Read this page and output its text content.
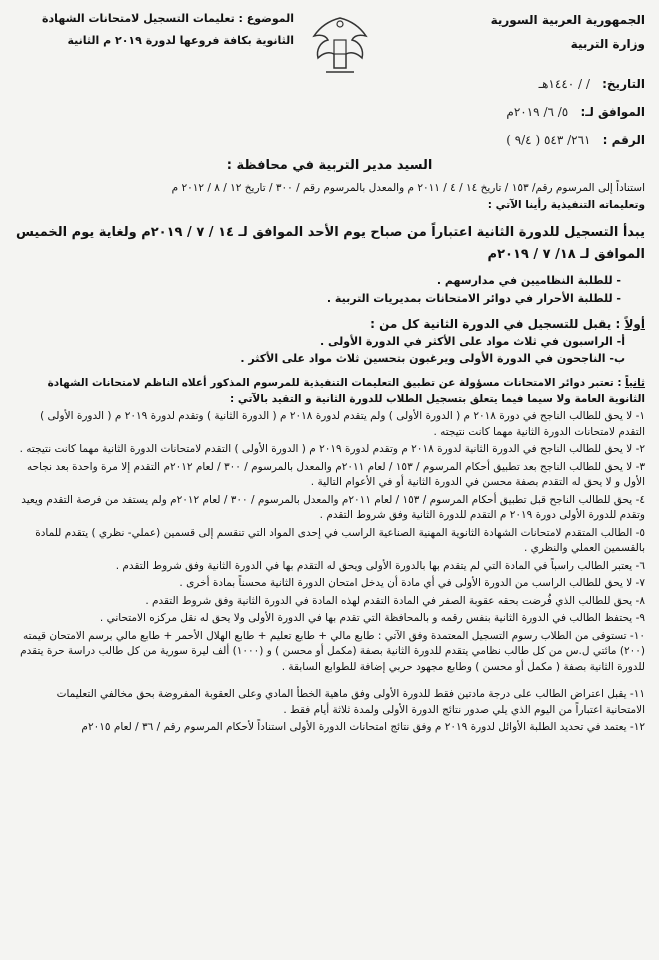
الجمهورية العربية السورية
وزارة التربية
الموضوع : تعليمات التسجيل لامتحانات الشهادة
الثانوية بكافة فروعها لدورة ٢٠١٩ م الثانية
التاريخ: / / ١٤٤٠هـ
الموافق لـ: ٥/ ٦/ ٢٠١٩م
الرقم : ٢٦١/ ٥٤٣ ( ٩/٤ )
السيد مدير التربية في محافظة :
استناداً إلى المرسوم رقم/ ١٥٣ / تاريخ ١٤ / ٤ / ٢٠١١ م والمعدل بالمرسوم رقم / ٣٠٠ / تاريخ ١٢ / ٨ / ٢٠١٢ م
وتعليماته التنفيذية رأينا الآتي :
يبدأ التسجيل للدورة الثانية اعتباراً من صباح يوم الأحد الموافق لـ ١٤ / ٧ / ٢٠١٩م ولغاية يوم الخميس الموافق لـ ١٨/ ٧ / ٢٠١٩م
- للطلبة النظاميين في مدارسهم .
- للطلبة الأحرار في دوائر الامتحانات بمديريات التربية .
أولاً : يقبل للتسجيل في الدورة الثانية كل من :
أ- الراسبون في ثلاث مواد على الأكثر في الدورة الأولى .
ب- الناجحون في الدورة الأولى ويرغبون بتحسين ثلاث مواد على الأكثر .
ثانياً : تعتبر دوائر الامتحانات مسؤولة عن تطبيق التعليمات التنفيذية للمرسوم المذكور أعلاه الناظم لامتحانات الشهادة الثانوية العامة ولا سيما فيما يتعلق بتسجيل الطلاب للدورة الثانية و التقيد بالآتي :
١- لا يحق للطالب الناجح في دورة ٢٠١٨ م ( الدورة الأولى ) ولم يتقدم لدورة ٢٠١٨ م ( الدورة الثانية ) وتقدم لدورة ٢٠١٩ م ( الدورة الأولى ) التقدم لامتحانات الدورة الثانية مهما كانت نتيجته .
٢- لا يحق للطالب الناجح في الدورة الثانية لدورة ٢٠١٨ م وتقدم لدورة ٢٠١٩ م ( الدورة الأولى ) التقدم لامتحانات الدورة الثانية مهما كانت نتيجته .
٣- لا يحق للطالب الناجح بعد تطبيق أحكام المرسوم / ١٥٣ / لعام ٢٠١١م والمعدل بالمرسوم / ٣٠٠ / لعام ٢٠١٢م التقدم إلا مرة واحدة بعد نجاحه الأول و لا يحق له التقدم بصفة محسن في الدورة الثانية أو في الأعوام التالية .
٤- يحق للطالب الناجح قبل تطبيق أحكام المرسوم / ١٥٣ / لعام ٢٠١١م والمعدل بالمرسوم / ٣٠٠ / لعام ٢٠١٢م ولم يستفد من فرصة التقدم ويعيد وتقدم للدورة الأولى دورة ٢٠١٩ م التقدم للدورة الثانية وفق شروط التقدم .
٥- الطالب المتقدم لامتحانات الشهادة الثانوية المهنية الصناعية الراسب في إحدى المواد التي تنقسم إلى قسمين (عملي- نظري ) يتقدم للمادة بالقسمين العملي والنظري .
٦- يعتبر الطالب راسباً في المادة التي لم يتقدم بها بالدورة الأولى ويحق له التقدم بها في الدورة الثانية وفق شروط التقدم .
٧- لا يحق للطالب الراسب من الدورة الأولى في أي مادة أن يدخل امتحان الدورة الثانية محسناً بمادة أخرى .
٨- يحق للطالب الذي فُرضت بحقه عقوبة الصفر في المادة التقدم لهذه المادة في الدورة الثانية وفق شروط التقدم .
٩- يحتفظ الطالب في الدورة الثانية بنفس رقمه و بالمحافظة التي تقدم بها في الدورة الأولى ولا يحق له نقل مركزه الامتحاني .
١٠- تستوفى من الطلاب رسوم التسجيل المعتمدة وفق الآتي : طابع مالي + طابع تعليم + طابع الهلال الأحمر + طابع مالي برسم الامتحان قيمته (٢٠٠) مائتي ل.س من كل طالب نظامي يتقدم للدورة الثانية بصفة (مكمل أو محسن ) و (١٠٠٠) ألف ليرة سورية من كل طالب دراسة حرة يتقدم للدورة الثانية بصفة ( مكمل أو محسن ) وطابع مجهود حربي إضافة للطوابع السابقة .
١١- يقبل اعتراض الطالب على درجة مادتين فقط للدورة الأولى وفق ماهية الخطأ المادي وعلى العقوبة المفروضة بحق مخالفي التعليمات الامتحانية اعتباراً من اليوم الذي يلي صدور نتائج الدورة الأولى ولمدة ثلاثة أيام فقط .
١٢- يعتمد في تحديد الطلبة الأوائل لدورة ٢٠١٩ م وفق نتائج امتحانات الدورة الأولى استناداً لأحكام المرسوم رقم / ٣٦ / لعام ٢٠١٥م
